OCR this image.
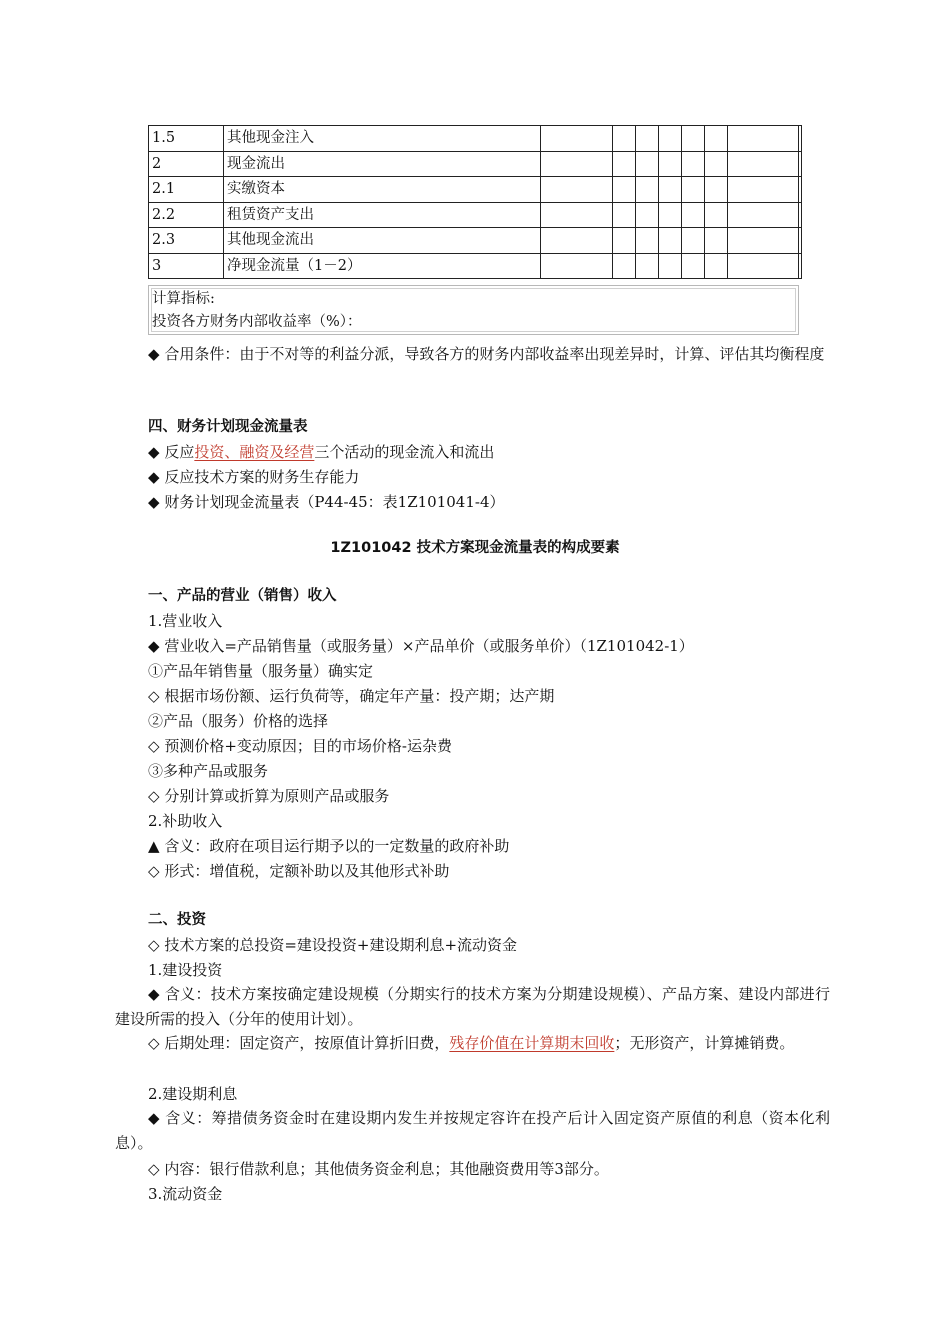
1.5	其他现金注入								
2	现金流出								
2.1	实缴资本								
2.2	租赁资产支出								
2.3	其他现金流出								
3	净现金流量（1－2）								
计算指标:
投资各方财务内部收益率（%）：
◆ 合用条件：由于不对等的利益分派，导致各方的财务内部收益率出现差异时，计算、评估其均衡程度
四、财务计划现金流量表
◆ 反应投资、融资及经营三个活动的现金流入和流出
◆ 反应技术方案的财务生存能力
◆ 财务计划现金流量表（P44-45：表1Z101041-4）
1Z101042 技术方案现金流量表的构成要素
一、产品的营业（销售）收入
1.营业收入
◆ 营业收入=产品销售量（或服务量）×产品单价（或服务单价）（1Z101042-1）
①产品年销售量（服务量）确实定
◇ 根据市场份额、运行负荷等，确定年产量：投产期；达产期
②产品（服务）价格的选择
◇ 预测价格+变动原因；目的市场价格-运杂费
③多种产品或服务
◇ 分别计算或折算为原则产品或服务
2.补助收入
▲ 含义：政府在项目运行期予以的一定数量的政府补助
◇ 形式：增值税，定额补助以及其他形式补助
二、投资
◇ 技术方案的总投资=建设投资+建设期利息+流动资金
1.建设投资
◆ 含义：技术方案按确定建设规模（分期实行的技术方案为分期建设规模）、产品方案、建设内部进行建设所需的投入（分年的使用计划）。
◇ 后期处理：固定资产，按原值计算折旧费，残存价值在计算期末回收；无形资产，计算摊销费。
2.建设期利息
◆ 含义：筹措债务资金时在建设期内发生并按规定容许在投产后计入固定资产原值的利息（资本化利息）。
◇ 内容：银行借款利息；其他债务资金利息；其他融资费用等3部分。
3.流动资金
